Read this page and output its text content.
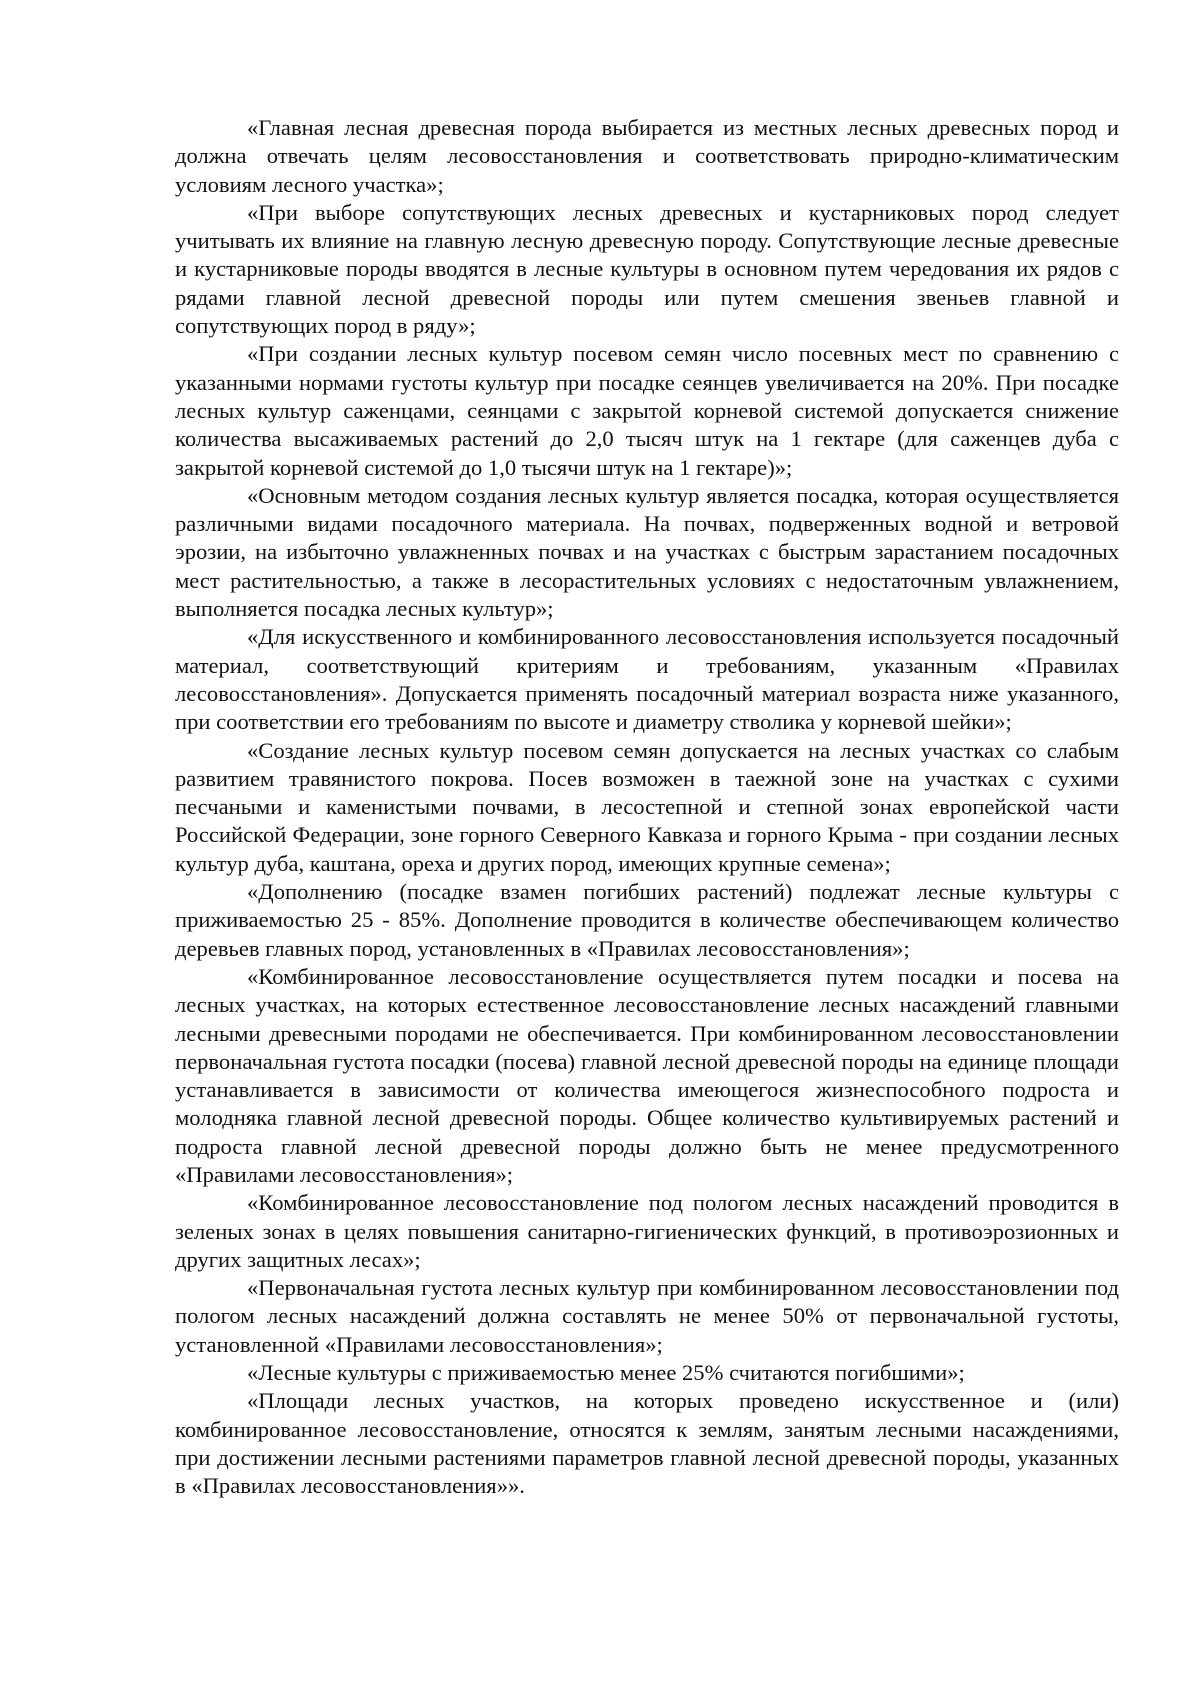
«Главная лесная древесная порода выбирается из местных лесных древесных пород и должна отвечать целям лесовосстановления и соответствовать природно-климатическим условиям лесного участка»;

«При выборе сопутствующих лесных древесных и кустарниковых пород следует учитывать их влияние на главную лесную древесную породу. Сопутствующие лесные древесные и кустарниковые породы вводятся в лесные культуры в основном путем чередования их рядов с рядами главной лесной древесной породы или путем смешения звеньев главной и сопутствующих пород в ряду»;

«При создании лесных культур посевом семян число посевных мест по сравнению с указанными нормами густоты культур при посадке сеянцев увеличивается на 20%. При посадке лесных культур саженцами, сеянцами с закрытой корневой системой допускается снижение количества высаживаемых растений до 2,0 тысяч штук на 1 гектаре (для саженцев дуба с закрытой корневой системой до 1,0 тысячи штук на 1 гектаре)»;

«Основным методом создания лесных культур является посадка, которая осуществляется различными видами посадочного материала. На почвах, подверженных водной и ветровой эрозии, на избыточно увлажненных почвах и на участках с быстрым зарастанием посадочных мест растительностью, а также в лесорастительных условиях с недостаточным увлажнением, выполняется посадка лесных культур»;

«Для искусственного и комбинированного лесовосстановления используется посадочный материал, соответствующий критериям и требованиям, указанным «Правилах лесовосстановления». Допускается применять посадочный материал возраста ниже указанного, при соответствии его требованиям по высоте и диаметру стволика у корневой шейки»;

«Создание лесных культур посевом семян допускается на лесных участках со слабым развитием травянистого покрова. Посев возможен в таежной зоне на участках с сухими песчаными и каменистыми почвами, в лесостепной и степной зонах европейской части Российской Федерации, зоне горного Северного Кавказа и горного Крыма - при создании лесных культур дуба, каштана, ореха и других пород, имеющих крупные семена»;

«Дополнению (посадке взамен погибших растений) подлежат лесные культуры с приживаемостью 25 - 85%. Дополнение проводится в количестве обеспечивающем количество деревьев главных пород, установленных в «Правилах лесовосстановления»;

«Комбинированное лесовосстановление осуществляется путем посадки и посева на лесных участках, на которых естественное лесовосстановление лесных насаждений главными лесными древесными породами не обеспечивается. При комбинированном лесовосстановлении первоначальная густота посадки (посева) главной лесной древесной породы на единице площади устанавливается в зависимости от количества имеющегося жизнеспособного подроста и молодняка главной лесной древесной породы. Общее количество культивируемых растений и подроста главной лесной древесной породы должно быть не менее предусмотренного «Правилами лесовосстановления»;

«Комбинированное лесовосстановление под пологом лесных насаждений проводится в зеленых зонах в целях повышения санитарно-гигиенических функций, в противоэрозионных и других защитных лесах»;

«Первоначальная густота лесных культур при комбинированном лесовосстановлении под пологом лесных насаждений должна составлять не менее 50% от первоначальной густоты, установленной «Правилами лесовосстановления»;

«Лесные культуры с приживаемостью менее 25% считаются погибшими»;

«Площади лесных участков, на которых проведено искусственное и (или) комбинированное лесовосстановление, относятся к землям, занятым лесными насаждениями, при достижении лесными растениями параметров главной лесной древесной породы, указанных в «Правилах лесовосстановления»».
